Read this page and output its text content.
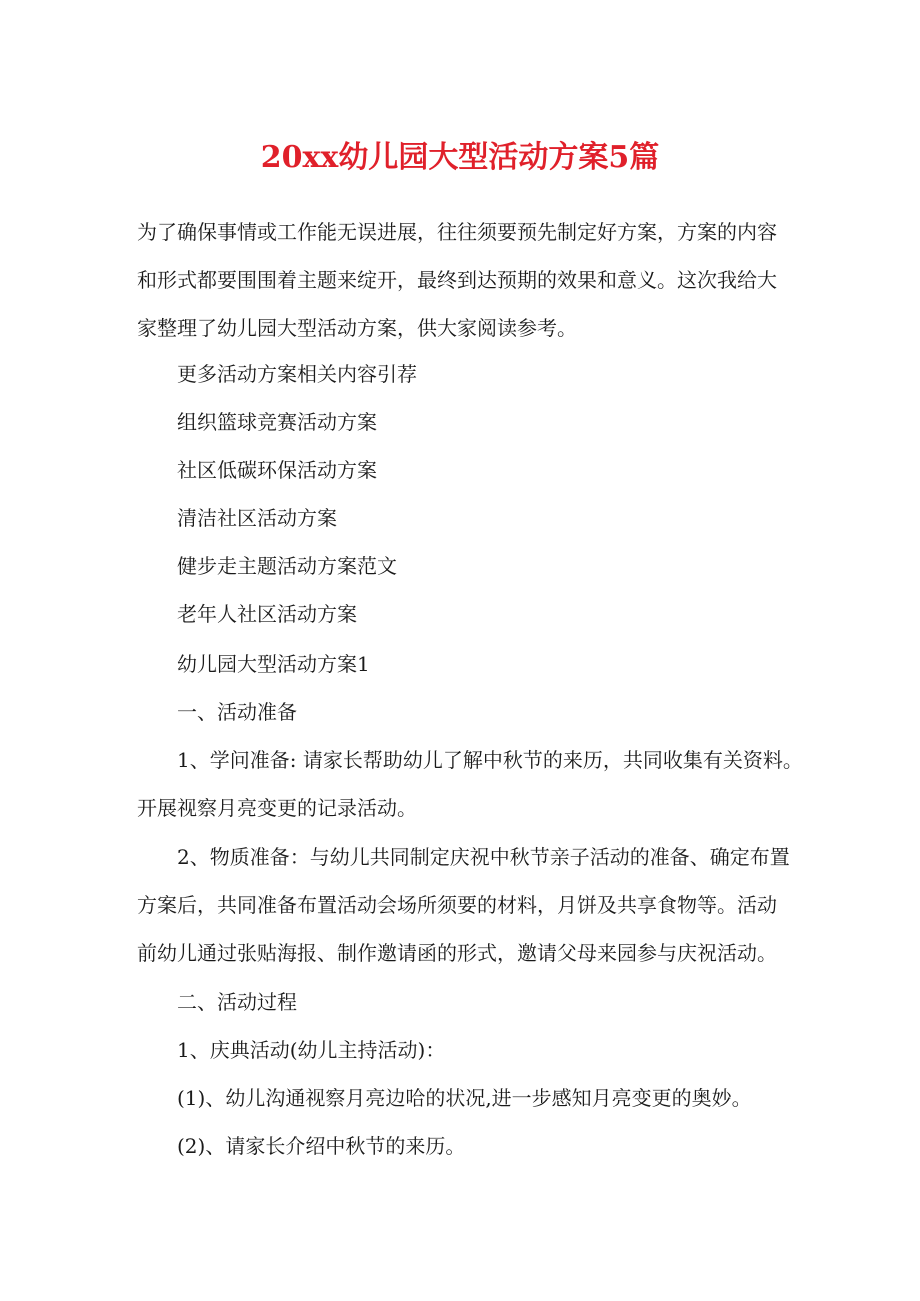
20xx幼儿园大型活动方案5篇
为了确保事情或工作能无误进展，往往须要预先制定好方案，方案的内容
和形式都要围围着主题来绽开，最终到达预期的效果和意义。这次我给大
家整理了幼儿园大型活动方案，供大家阅读参考。
更多活动方案相关内容引荐
组织篮球竞赛活动方案
社区低碳环保活动方案
清洁社区活动方案
健步走主题活动方案范文
老年人社区活动方案
幼儿园大型活动方案1
一、活动准备
1、学问准备: 请家长帮助幼儿了解中秋节的来历，共同收集有关资料。
开展视察月亮变更的记录活动。
2、物质准备：与幼儿共同制定庆祝中秋节亲子活动的准备、确定布置
方案后，共同准备布置活动会场所须要的材料，月饼及共享食物等。活动
前幼儿通过张贴海报、制作邀请函的形式，邀请父母来园参与庆祝活动。
二、活动过程
1、庆典活动(幼儿主持活动)：
(1)、幼儿沟通视察月亮边哈的状况,进一步感知月亮变更的奥妙。
(2)、请家长介绍中秋节的来历。
